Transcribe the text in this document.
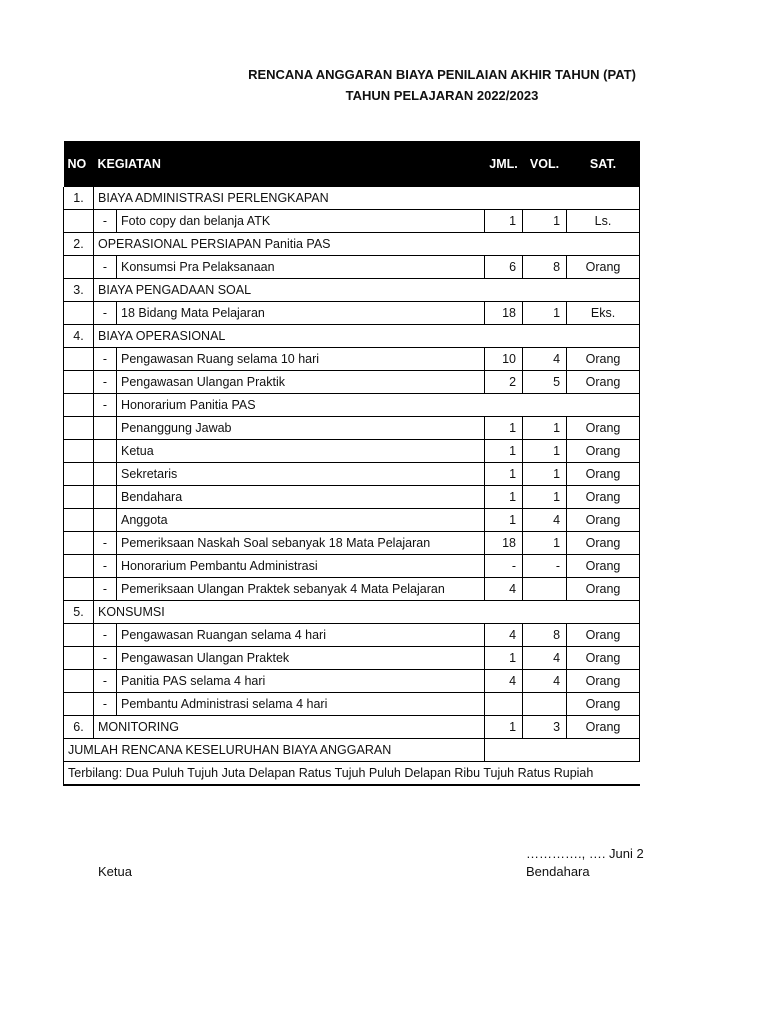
RENCANA ANGGARAN BIAYA PENILAIAN AKHIR TAHUN (PAT)
TAHUN PELAJARAN 2022/2023
NO	KEGIATAN		JML.	VOL.	SAT.
1.	BIAYA ADMINISTRASI PERLENGKAPAN				
	-	Foto copy dan belanja ATK	1	1	Ls.
2.	OPERASIONAL PERSIAPAN Panitia PAS				
	-	Konsumsi Pra Pelaksanaan	6	8	Orang
3.	BIAYA PENGADAAN SOAL				
	-	18 Bidang Mata Pelajaran	18	1	Eks.
4.	BIAYA OPERASIONAL				
	-	Pengawasan Ruang selama 10 hari	10	4	Orang
	-	Pengawasan Ulangan Praktik	2	5	Orang
	-	Honorarium Panitia PAS			
		Penanggung Jawab	1	1	Orang
		Ketua	1	1	Orang
		Sekretaris	1	1	Orang
		Bendahara	1	1	Orang
		Anggota	1	4	Orang
	-	Pemeriksaan Naskah Soal sebanyak 18 Mata Pelajaran	18	1	Orang
	-	Honorarium Pembantu Administrasi	-	-	Orang
	-	Pemeriksaan Ulangan Praktek sebanyak 4 Mata Pelajaran	4		Orang
5.	KONSUMSI				
	-	Pengawasan Ruangan selama 4 hari	4	8	Orang
	-	Pengawasan Ulangan Praktek	1	4	Orang
	-	Panitia PAS selama 4 hari	4	4	Orang
	-	Pembantu Administrasi selama 4 hari			Orang
6.	MONITORING		1	3	Orang
JUMLAH RENCANA KESELURUHAN BIAYA ANGGARAN					
Terbilang: Dua Puluh Tujuh Juta Delapan Ratus Tujuh Puluh Delapan Ribu Tujuh Ratus Rupiah					
…………., …. Juni 2
Ketua	Bendahara
